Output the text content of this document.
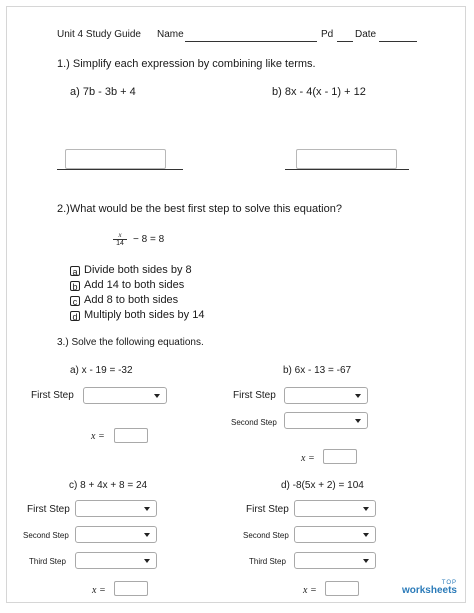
Unit 4 Study Guide Name	Pd Date
1.) Simplify each expression by combining like terms.
a) 7b - 3b + 4	b) 8x - 4(x - 1) + 12
2.)What would be the best first step to solve this equation?
x
14 − 8 = 8
a Divide both sides by 8
b Add 14 to both sides
c Add 8 to both sides
d Multiply both sides by 14
3.) Solve the following equations.
a) x - 19 = -32	b) 6x - 13 = -67
First Step
x =
First Step
Second Step
x =
c) 8 + 4x + 8 = 24	d) -8(5x + 2) = 104
First Step
Second Step
Third Step
x =
First Step
Second Step
Third Step
x =
TOP
worksheets
